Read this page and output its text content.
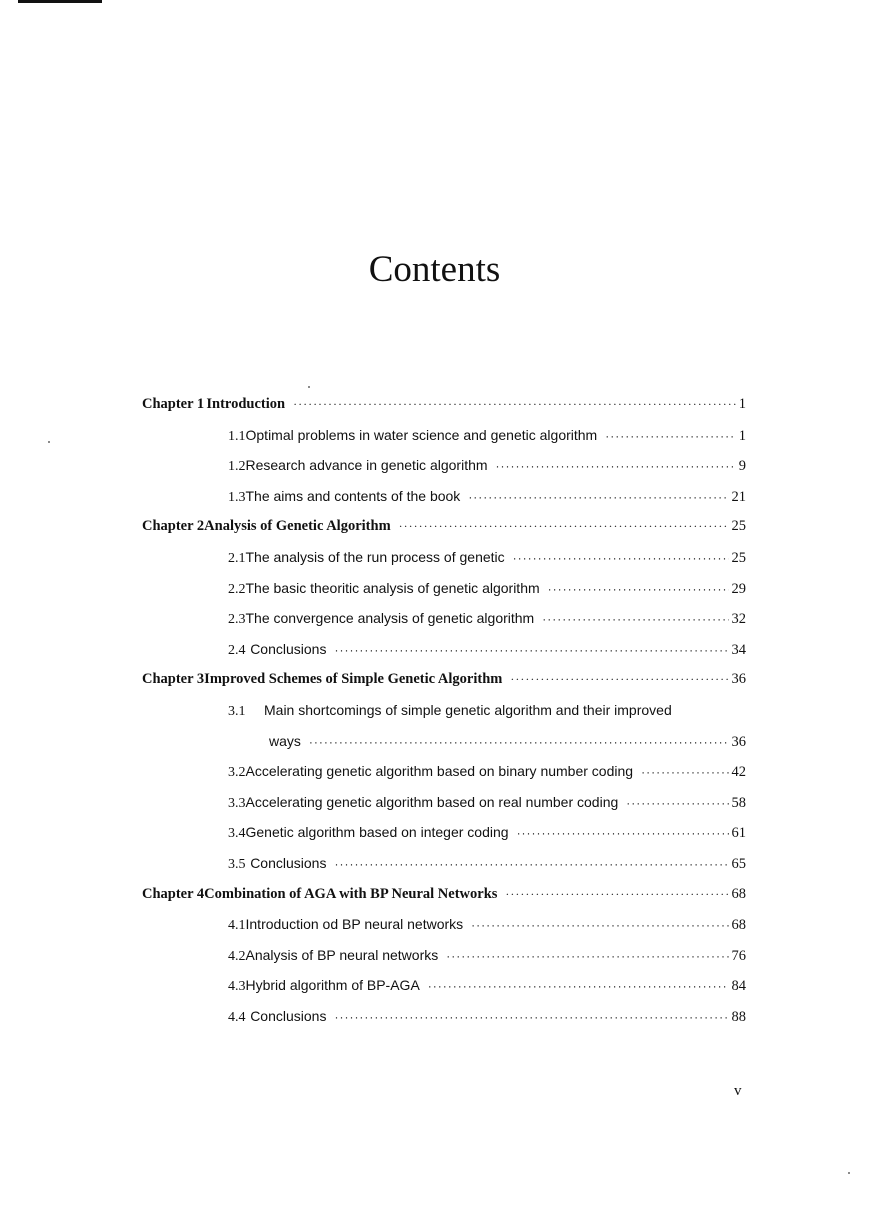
Contents
Chapter 1 Introduction ·····	1
1.1 Optimal problems in water science and genetic algorithm ·····	1
1.2 Research advance in genetic algorithm ·····	9
1.3 The aims and contents of the book ·····	21
Chapter 2 Analysis of Genetic Algorithm ·····	25
2.1 The analysis of the run process of genetic ·····	25
2.2 The basic theoritic analysis of genetic algorithm ·····	29
2.3 The convergence analysis of genetic algorithm ·····	32
2.4 Conclusions ·····	34
Chapter 3 Improved Schemes of Simple Genetic Algorithm ·····	36
3.1	Main shortcomings of simple genetic algorithm and their improved
ways ·····	36
3.2 Accelerating genetic algorithm based on binary number coding ·····	42
3.3 Accelerating genetic algorithm based on real number coding ·····	58
3.4 Genetic algorithm based on integer coding ·····	61
3.5 Conclusions ·····	65
Chapter 4 Combination of AGA with BP Neural Networks ·····	68
4.1 Introduction od BP neural networks ·····	68
4.2 Analysis of BP neural networks ·····	76
4.3 Hybrid algorithm of BP-AGA ·····	84
4.4 Conclusions ·····	88
v
